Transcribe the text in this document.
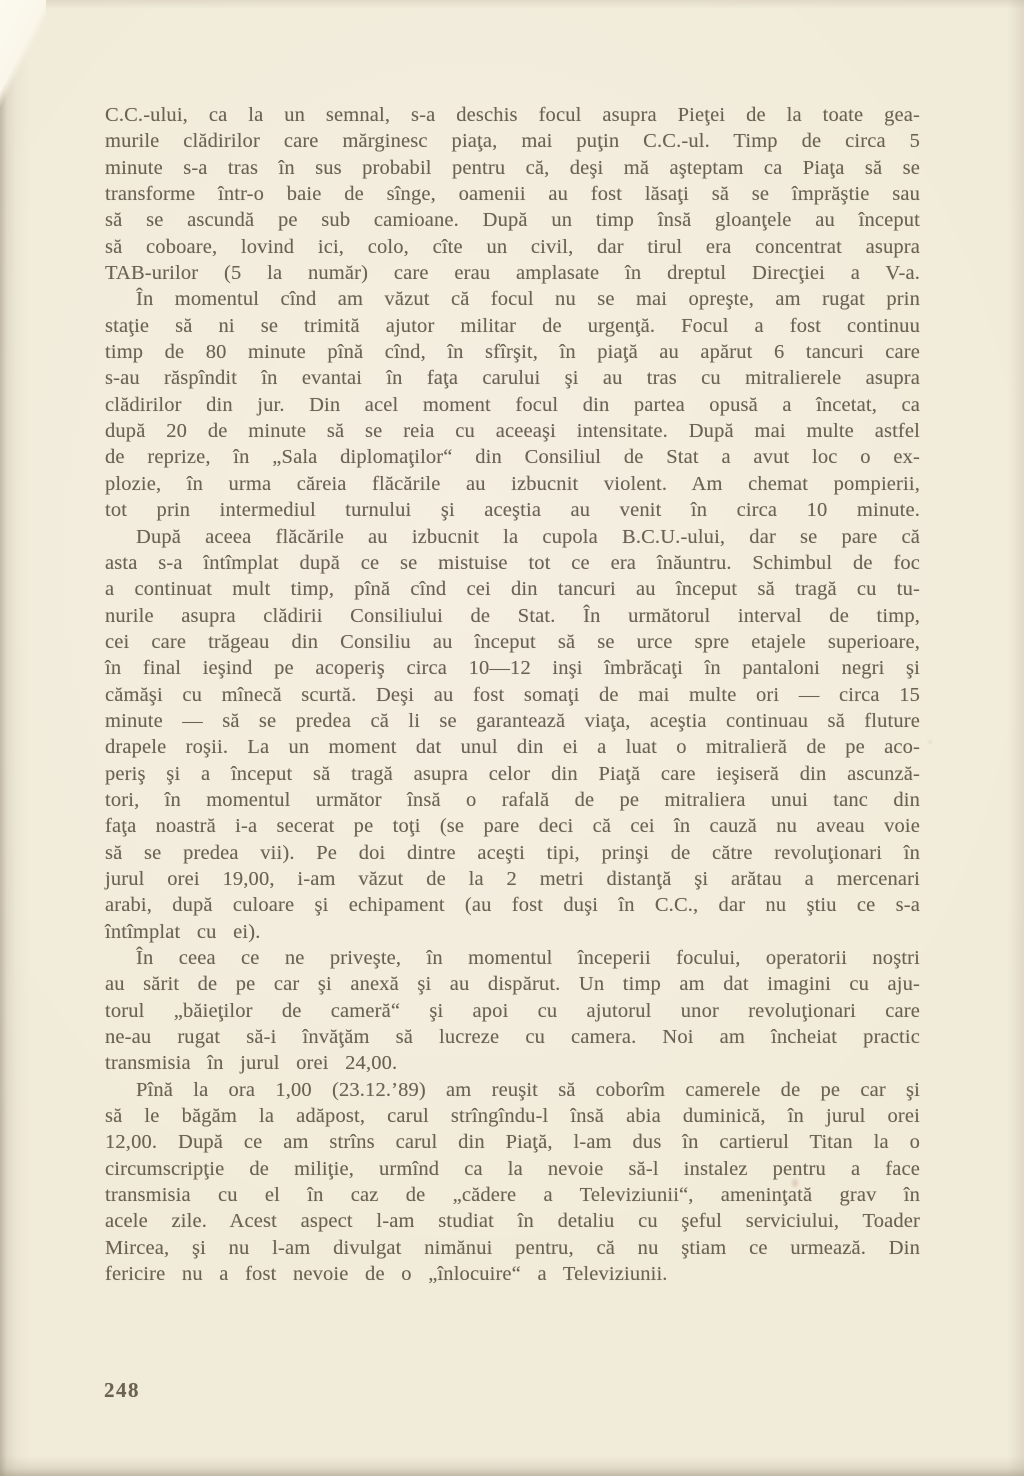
C.C.-ului, ca la un semnal, s-a deschis focul asupra Pieţei de la toate gea-
murile clădirilor care mărginesc piaţa, mai puţin C.C.-ul. Timp de circa 5
minute s-a tras în sus probabil pentru că, deşi mă aşteptam ca Piaţa să se
transforme într-o baie de sînge, oamenii au fost lăsaţi să se împrăştie sau
să se ascundă pe sub camioane. După un timp însă gloanţele au început
să coboare, lovind ici, colo, cîte un civil, dar tirul era concentrat asupra
TAB-urilor (5 la număr) care erau amplasate în dreptul Direcţiei a V-a.
În momentul cînd am văzut că focul nu se mai opreşte, am rugat prin
staţie să ni se trimită ajutor militar de urgenţă. Focul a fost continuu
timp de 80 minute pînă cînd, în sfîrşit, în piaţă au apărut 6 tancuri care
s-au răspîndit în evantai în faţa carului şi au tras cu mitralierele asupra
clădirilor din jur. Din acel moment focul din partea opusă a încetat, ca
după 20 de minute să se reia cu aceeaşi intensitate. După mai multe astfel
de reprize, în „Sala diplomaţilor“ din Consiliul de Stat a avut loc o ex-
plozie, în urma căreia flăcările au izbucnit violent. Am chemat pompierii,
tot prin intermediul turnului şi aceştia au venit în circa 10 minute.
După aceea flăcările au izbucnit la cupola B.C.U.-ului, dar se pare că
asta s-a întîmplat după ce se mistuise tot ce era înăuntru. Schimbul de foc
a continuat mult timp, pînă cînd cei din tancuri au început să tragă cu tu-
nurile asupra clădirii Consiliului de Stat. În următorul interval de timp,
cei care trăgeau din Consiliu au început să se urce spre etajele superioare,
în final ieşind pe acoperiş circa 10—12 inşi îmbrăcaţi în pantaloni negri şi
cămăşi cu mînecă scurtă. Deşi au fost somaţi de mai multe ori — circa 15
minute — să se predea că li se garantează viaţa, aceştia continuau să fluture
drapele roşii. La un moment dat unul din ei a luat o mitralieră de pe aco-
periş şi a început să tragă asupra celor din Piaţă care ieşiseră din ascunză-
tori, în momentul următor însă o rafală de pe mitraliera unui tanc din
faţa noastră i-a secerat pe toţi (se pare deci că cei în cauză nu aveau voie
să se predea vii). Pe doi dintre aceşti tipi, prinşi de către revoluţionari în
jurul orei 19,00, i-am văzut de la 2 metri distanţă şi arătau a mercenari
arabi, după culoare şi echipament (au fost duşi în C.C., dar nu ştiu ce s-a
întîmplat cu ei).
În ceea ce ne priveşte, în momentul începerii focului, operatorii noştri
au sărit de pe car şi anexă şi au dispărut. Un timp am dat imagini cu aju-
torul „băieţilor de cameră“ şi apoi cu ajutorul unor revoluţionari care
ne-au rugat să-i învăţăm să lucreze cu camera. Noi am încheiat practic
transmisia în jurul orei 24,00.
Pînă la ora 1,00 (23.12.’89) am reuşit să coborîm camerele de pe car şi
să le băgăm la adăpost, carul strîngîndu-l însă abia duminică, în jurul orei
12,00. După ce am strîns carul din Piaţă, l-am dus în cartierul Titan la o
circumscripţie de miliţie, urmînd ca la nevoie să-l instalez pentru a face
transmisia cu el în caz de „cădere a Televiziunii“, ameninţată grav în
acele zile. Acest aspect l-am studiat în detaliu cu şeful serviciului, Toader
Mircea, şi nu l-am divulgat nimănui pentru, că nu ştiam ce urmează. Din
fericire nu a fost nevoie de o „înlocuire“ a Televiziunii.
248
